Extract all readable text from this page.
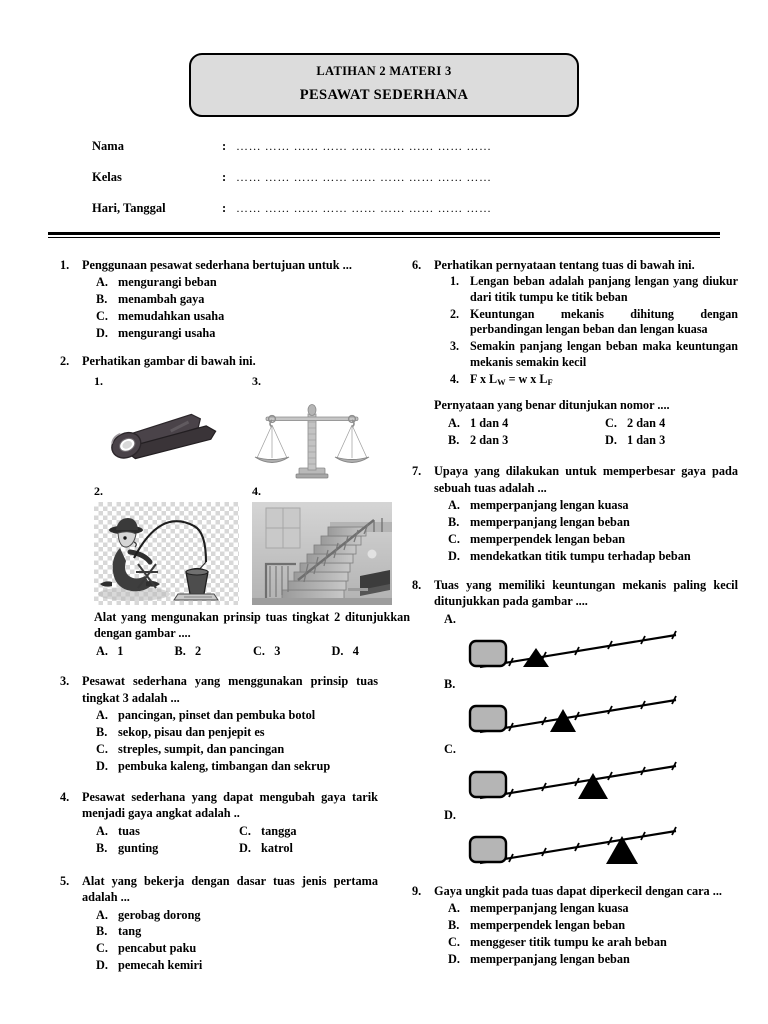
LATIHAN 2 MATERI 3
PESAWAT SEDERHANA
Nama	: …… …… …… …… …… …… …… …… ……
Kelas	: …… …… …… …… …… …… …… …… ……
Hari, Tanggal	: …… …… …… …… …… …… …… …… ……
1.	Penggunaan pesawat sederhana bertujuan untuk ...
A. mengurangi beban
B. menambah gaya
C. memudahkan usaha
D. mengurangi usaha
2.	Perhatikan gambar di bawah ini.
1.	3.
2.	4.
Alat yang mengunakan prinsip tuas tingkat 2 ditunjukkan dengan gambar ....
A. 1	B. 2	C. 3	D. 4
3.	Pesawat sederhana yang menggunakan prinsip tuas tingkat 3 adalah ...
A. pancingan, pinset dan pembuka botol
B. sekop, pisau dan penjepit es
C. streples, sumpit, dan pancingan
D. pembuka kaleng, timbangan dan sekrup
4.	Pesawat sederhana yang dapat mengubah gaya tarik menjadi gaya angkat adalah ..
A. tuas	C. tangga
B. gunting	D. katrol
5.	Alat yang bekerja dengan dasar tuas jenis pertama adalah ...
A. gerobag dorong
B. tang
C. pencabut paku
D. pemecah kemiri
6.	Perhatikan pernyataan tentang tuas di bawah ini.
1. Lengan beban adalah panjang lengan yang diukur dari titik tumpu ke titik beban
2. Keuntungan mekanis dihitung dengan perbandingan lengan beban dan lengan kuasa
3. Semakin panjang lengan beban maka keuntungan mekanis semakin kecil
4. F x $L_W = w$ x $L_F$
Pernyataan yang benar ditunjukan nomor ....
A. 1 dan 4	C. 2 dan 4
B. 2 dan 3	D. 1 dan 3
7.	Upaya yang dilakukan untuk memperbesar gaya pada sebuah tuas adalah ...
A. memperpanjang lengan kuasa
B. memperpanjang lengan beban
C. memperpendek lengan beban
D. mendekatkan titik tumpu terhadap beban
8.	Tuas yang memiliki keuntungan mekanis paling kecil ditunjukkan pada gambar ....
A.
B.
C.
D.
9.	Gaya ungkit pada tuas dapat diperkecil dengan cara ...
A. memperpanjang lengan kuasa
B. memperpendek lengan beban
C. menggeser titik tumpu ke arah beban
D. memperpanjang lengan beban
